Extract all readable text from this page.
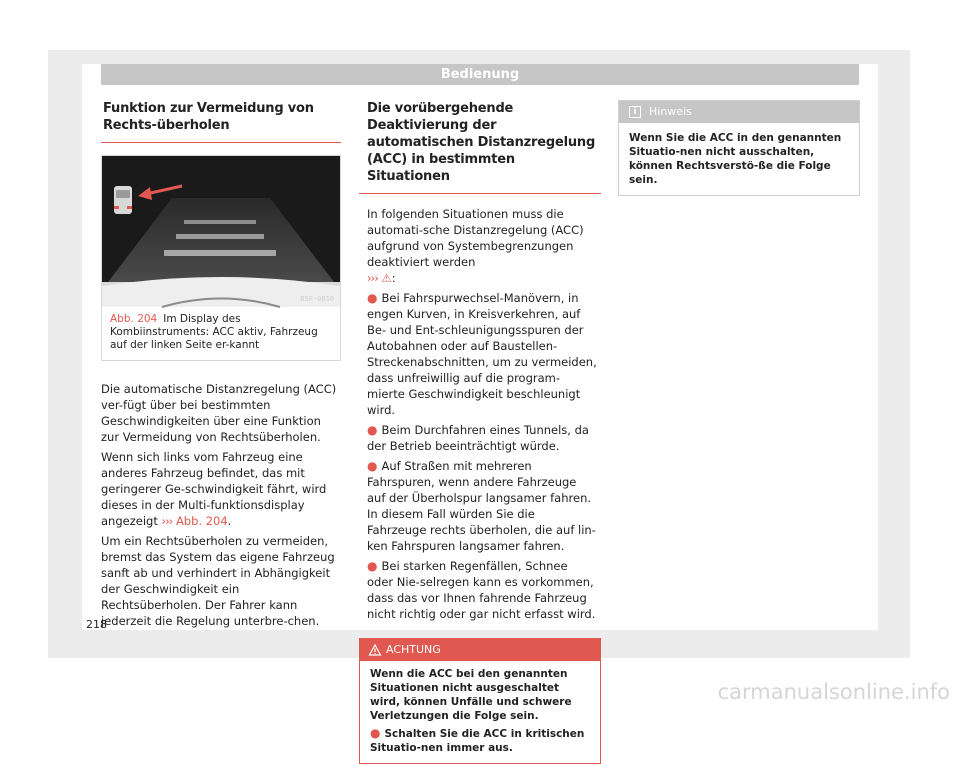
Bedienung
Funktion zur Vermeidung von Rechts-überholen
B5F-0810
Abb. 204 Im Display des Kombiinstruments: ACC aktiv, Fahrzeug auf der linken Seite er-kannt

Die automatische Distanzregelung (ACC) ver-fügt über bei bestimmten Geschwindigkeiten über eine Funktion zur Vermeidung von Rechtsüberholen.

Wenn sich links vom Fahrzeug eine anderes Fahrzeug befindet, das mit geringerer Ge-schwindigkeit fährt, wird dieses in der Multi-funktionsdisplay angezeigt ››› Abb. 204.

Um ein Rechtsüberholen zu vermeiden, bremst das System das eigene Fahrzeug sanft ab und verhindert in Abhängigkeit der Geschwindigkeit ein Rechtsüberholen. Der Fahrer kann jederzeit die Regelung unterbre-chen.

Die vorübergehende Deaktivierung der automatischen Distanzregelung (ACC) in bestimmten Situationen

In folgenden Situationen muss die automati-sche Distanzregelung (ACC) aufgrund von Systembegrenzungen deaktiviert werden
››› ⚠:

● Bei Fahrspurwechsel-Manövern, in engen Kurven, in Kreisverkehren, auf Be- und Ent-schleunigungsspuren der Autobahnen oder auf Baustellen-Streckenabschnitten, um zu vermeiden, dass unfreiwillig auf die program-mierte Geschwindigkeit beschleunigt wird.

● Beim Durchfahren eines Tunnels, da der Betrieb beeinträchtigt würde.

● Auf Straßen mit mehreren Fahrspuren, wenn andere Fahrzeuge auf der Überholspur langsamer fahren. In diesem Fall würden Sie die Fahrzeuge rechts überholen, die auf lin-ken Fahrspuren langsamer fahren.

● Bei starken Regenfällen, Schnee oder Nie-selregen kann es vorkommen, dass das vor Ihnen fahrende Fahrzeug nicht richtig oder gar nicht erfasst wird.

ACHTUNG

Wenn die ACC bei den genannten Situationen nicht ausgeschaltet wird, können Unfälle und schwere Verletzungen die Folge sein.

● Schalten Sie die ACC in kritischen Situatio-nen immer aus.

i	Hinweis
Wenn Sie die ACC in den genannten Situatio-nen nicht ausschalten, können Rechtsverstö-ße die Folge sein.
218
carmanualsonline.info
